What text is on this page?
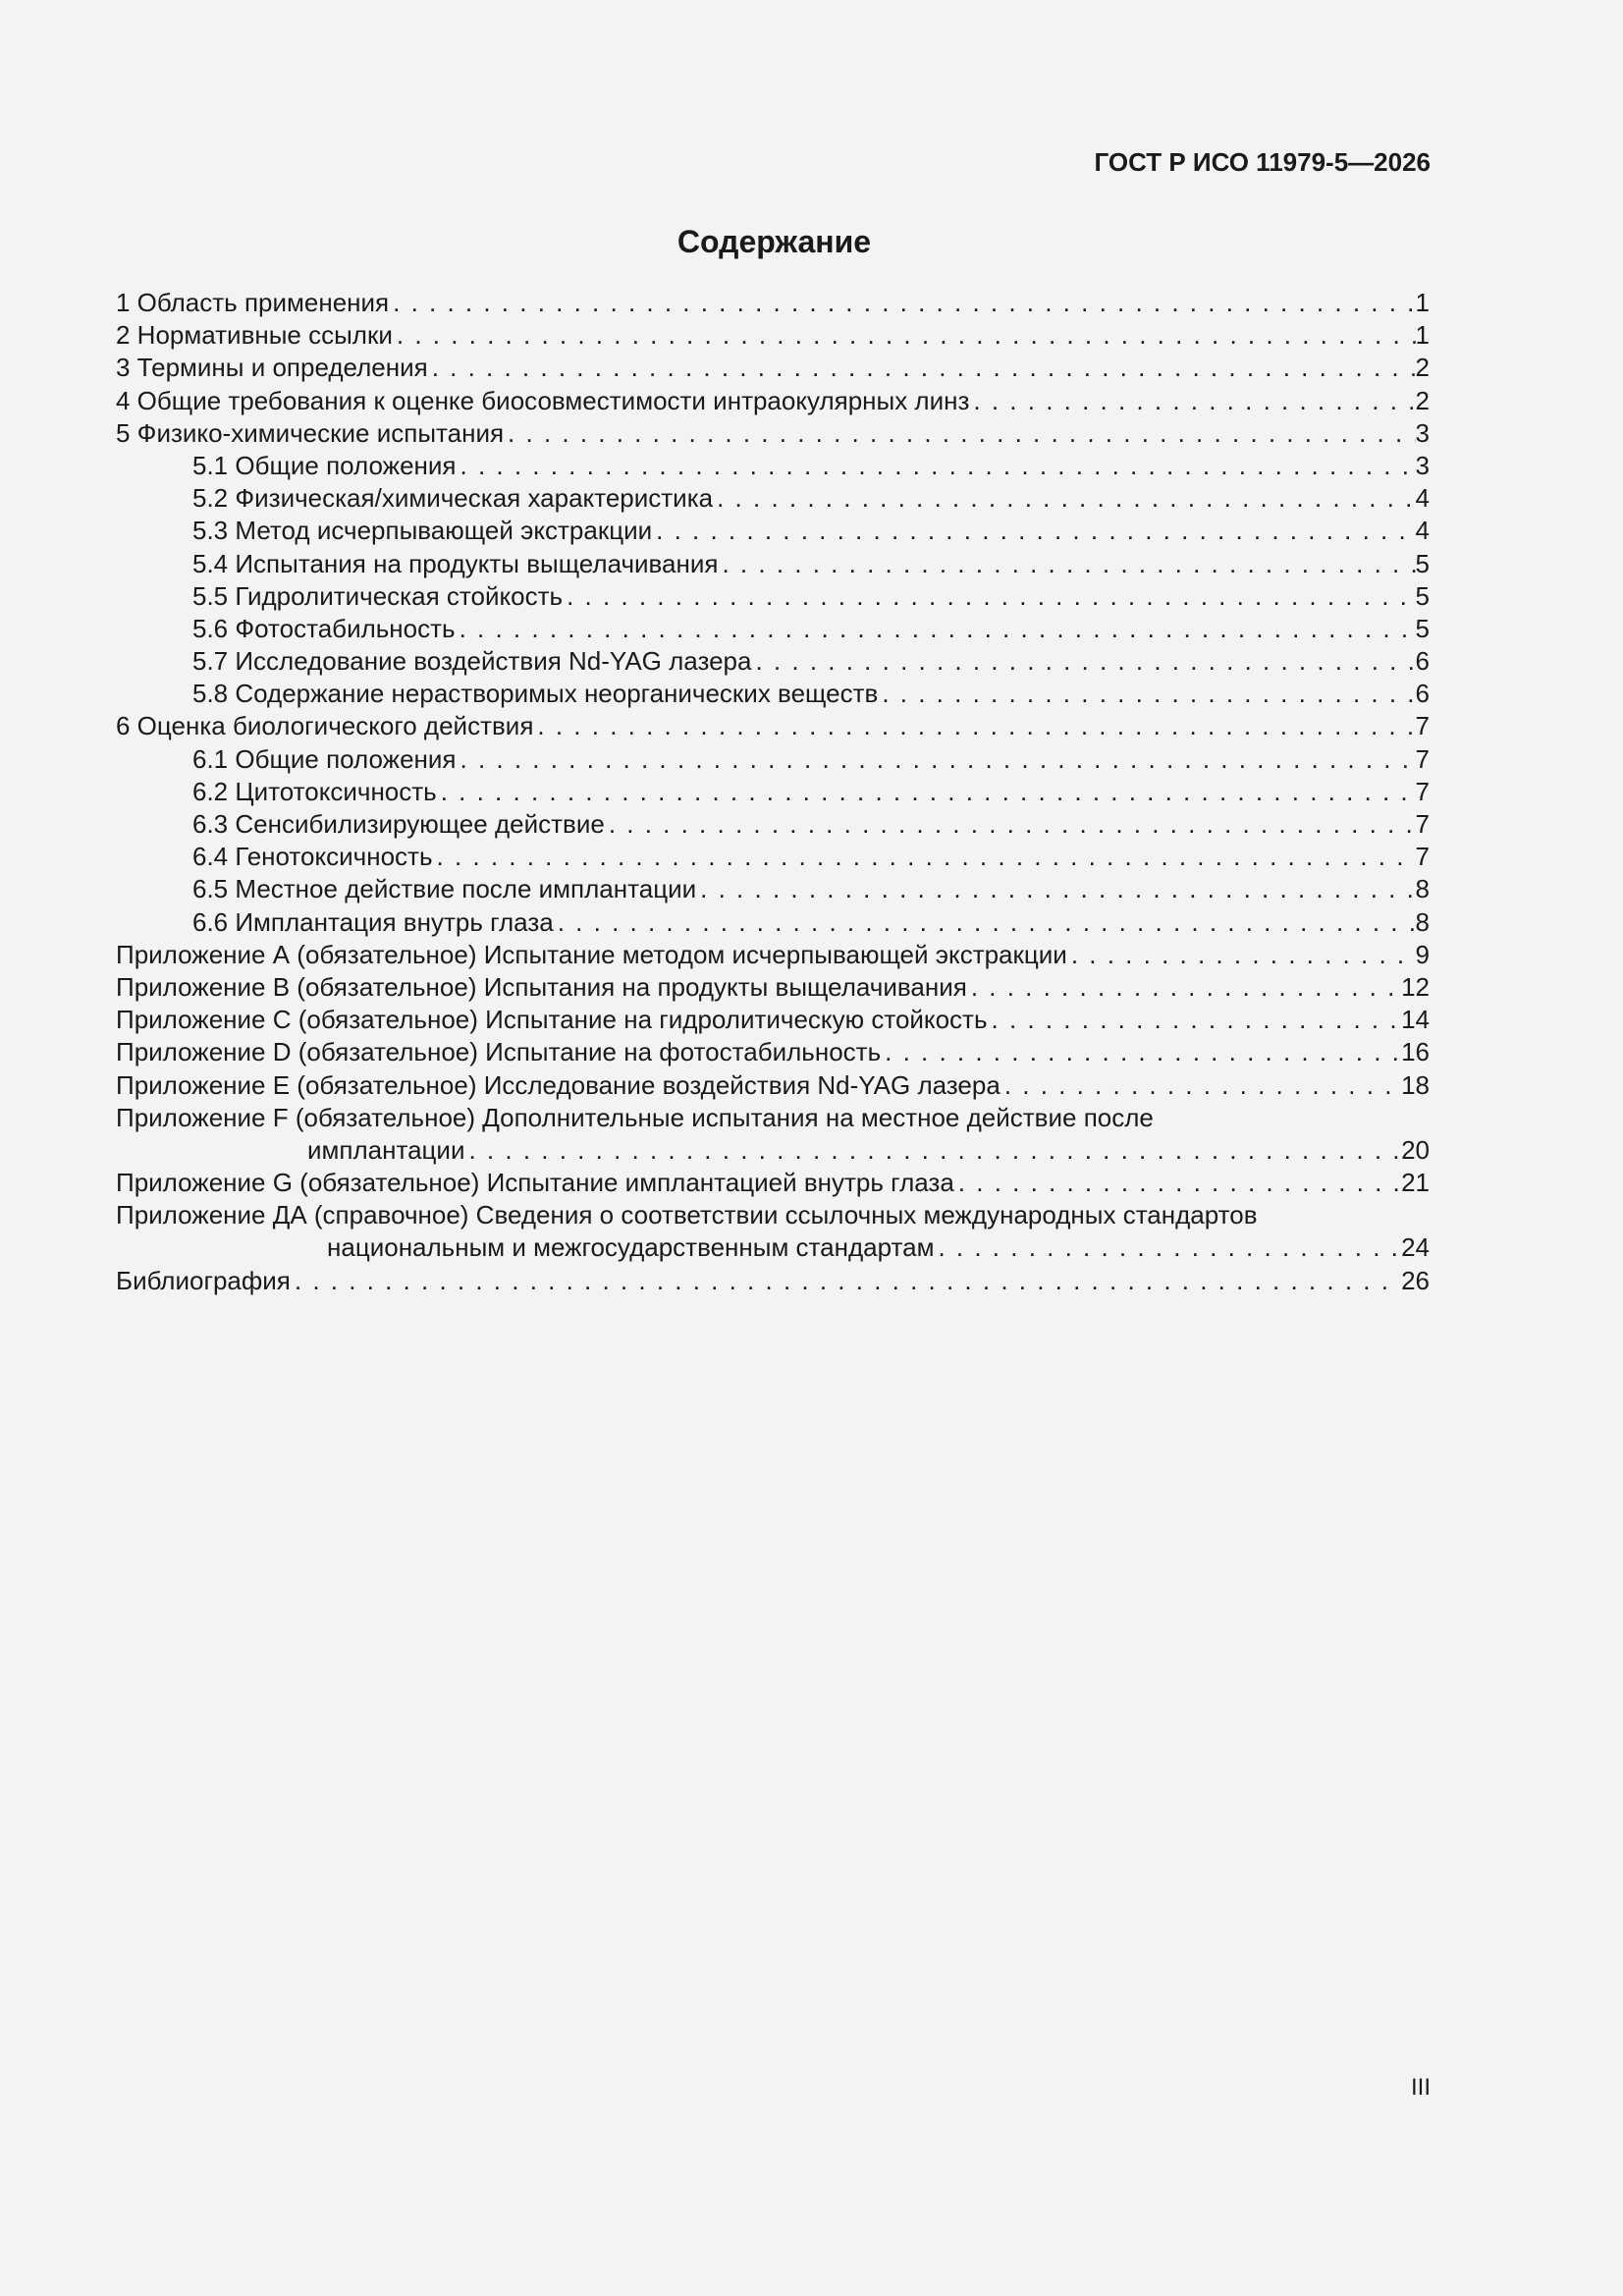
ГОСТ Р ИСО 11979-5—2026
Содержание
1 Область применения . . .	1
2 Нормативные ссылки . . .	1
3 Термины и определения . . .	2
4 Общие требования к оценке биосовместимости интраокулярных линз . . .	2
5 Физико-химические испытания . . .	3
5.1 Общие положения . . .	3
5.2 Физическая/химическая характеристика . . .	4
5.3 Метод исчерпывающей экстракции . . .	4
5.4 Испытания на продукты выщелачивания . . .	5
5.5 Гидролитическая стойкость . . .	5
5.6 Фотостабильность . . .	5
5.7 Исследование воздействия Nd-YAG лазера . . .	6
5.8 Содержание нерастворимых неорганических веществ . . .	6
6 Оценка биологического действия . . .	7
6.1 Общие положения . . .	7
6.2 Цитотоксичность . . .	7
6.3 Сенсибилизирующее действие . . .	7
6.4 Генотоксичность . . .	7
6.5 Местное действие после имплантации . . .	8
6.6 Имплантация внутрь глаза . . .	8
Приложение А (обязательное) Испытание методом исчерпывающей экстракции . . .	9
Приложение В (обязательное) Испытания на продукты выщелачивания . . .	12
Приложение С (обязательное) Испытание на гидролитическую стойкость . . .	14
Приложение D (обязательное) Испытание на фотостабильность . . .	16
Приложение Е (обязательное) Исследование воздействия Nd-YAG лазера . . .	18
Приложение F (обязательное) Дополнительные испытания на местное действие после
имплантации . . .	20
Приложение G (обязательное) Испытание имплантацией внутрь глаза . . .	21
Приложение ДА (справочное) Сведения о соответствии ссылочных международных стандартов
национальным и межгосударственным стандартам . . .	24
Библиография . . .	26
III
